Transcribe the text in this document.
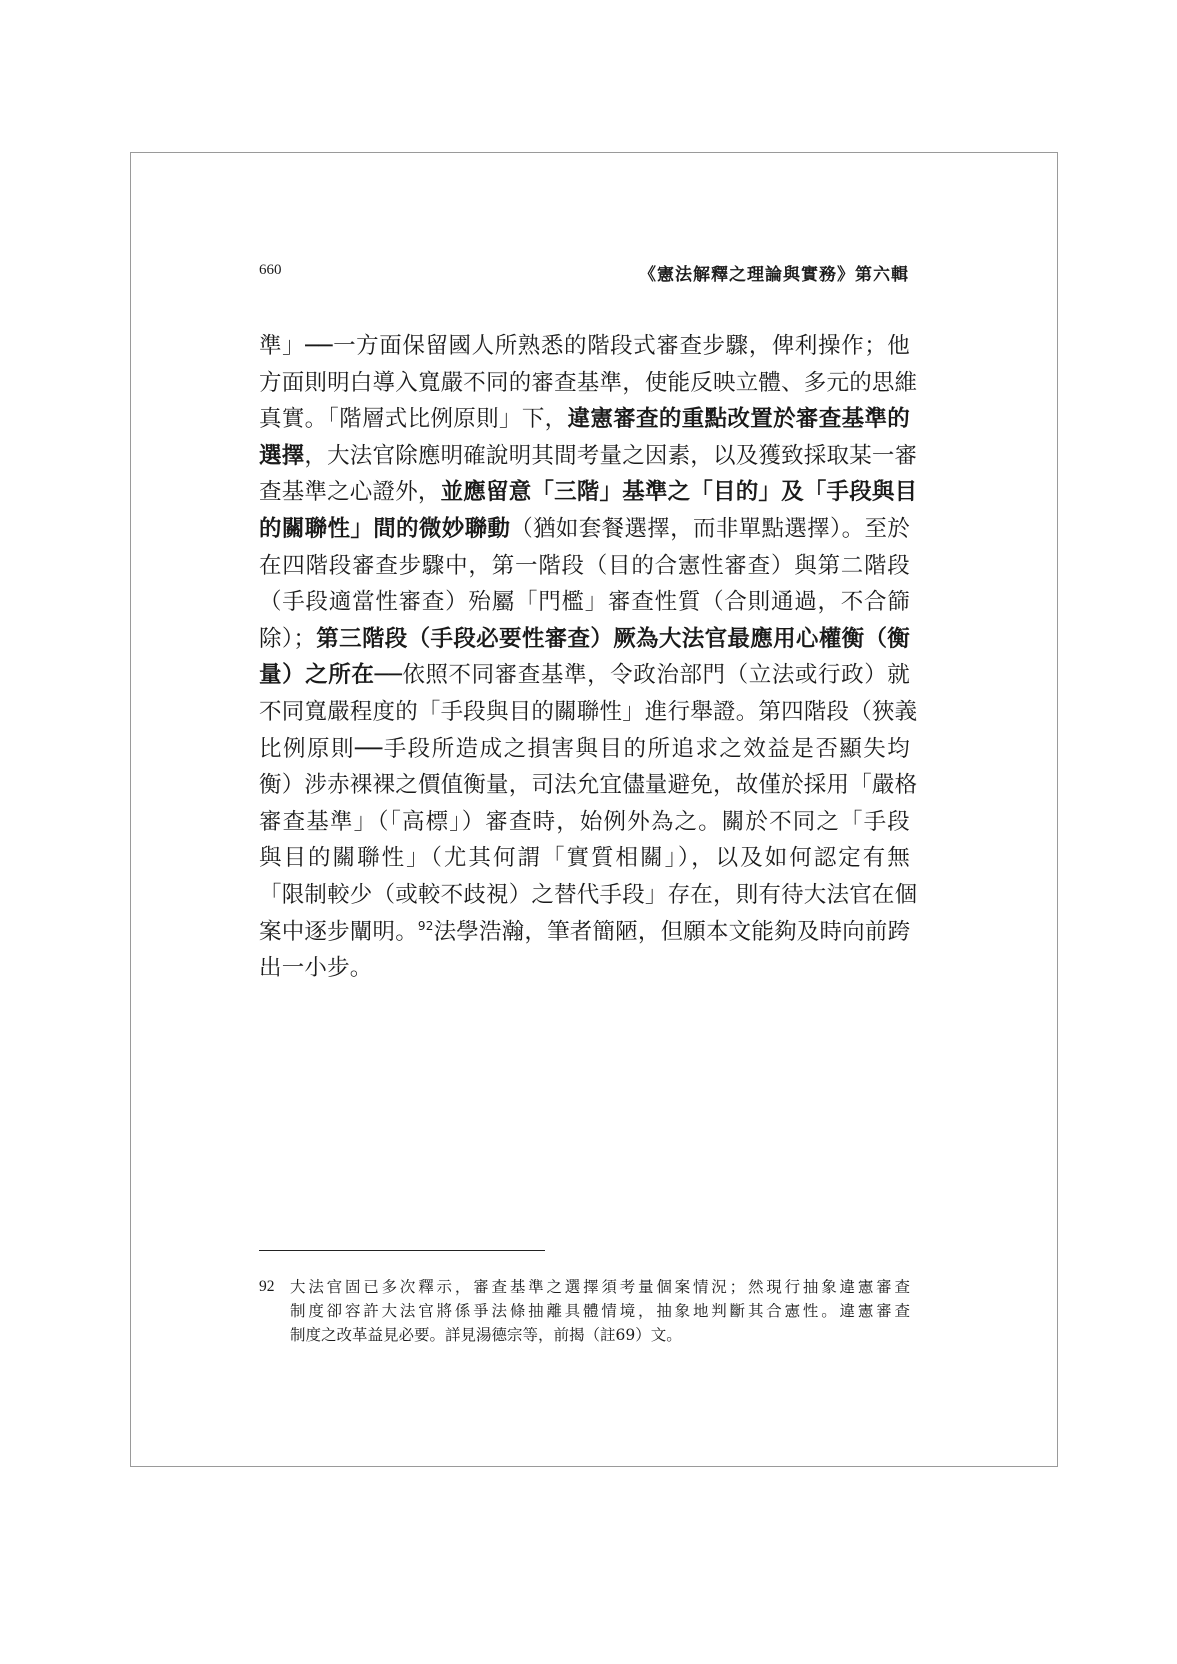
660	《憲法解釋之理論與實務》第六輯
準」──一方面保留國人所熟悉的階段式審查步驟，俾利操作；他
方面則明白導入寬嚴不同的審查基準，使能反映立體、多元的思維
真實。「階層式比例原則」下，違憲審查的重點改置於審查基準的
選擇，大法官除應明確說明其間考量之因素，以及獲致採取某一審
查基準之心證外，並應留意「三階」基準之「目的」及「手段與目
的關聯性」間的微妙聯動（猶如套餐選擇，而非單點選擇）。至於
在四階段審查步驟中，第一階段（目的合憲性審查）與第二階段
（手段適當性審查）殆屬「門檻」審查性質（合則通過，不合篩
除）；第三階段（手段必要性審查）厥為大法官最應用心權衡（衡
量）之所在──依照不同審查基準，令政治部門（立法或行政）就
不同寬嚴程度的「手段與目的關聯性」進行舉證。第四階段（狹義
比例原則──手段所造成之損害與目的所追求之效益是否顯失均
衡）涉赤裸裸之價值衡量，司法允宜儘量避免，故僅於採用「嚴格
審查基準」（「高標」）審查時，始例外為之。關於不同之「手段
與目的關聯性」（尤其何謂「實質相關」），以及如何認定有無
「限制較少（或較不歧視）之替代手段」存在，則有待大法官在個
案中逐步闡明。$^{92}$法學浩瀚，筆者簡陋，但願本文能夠及時向前跨
出一小步。
92 大法官固已多次釋示，審查基準之選擇須考量個案情況；然現行抽象違憲審查
制度卻容許大法官將係爭法條抽離具體情境，抽象地判斷其合憲性。違憲審查
制度之改革益見必要。詳見湯德宗等，前揭（註69）文。
